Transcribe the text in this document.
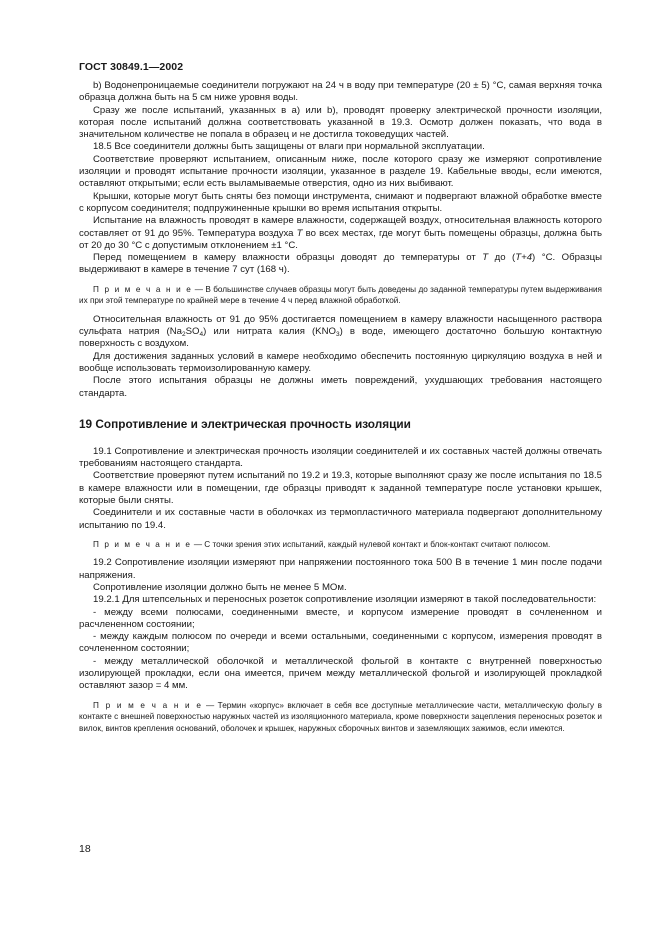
ГОСТ 30849.1—2002

b) Водонепроницаемые соединители погружают на 24 ч в воду при температуре (20 ± 5) °С, самая верхняя точка образца должна быть на 5 см ниже уровня воды.

Сразу же после испытаний, указанных в а) или b), проводят проверку электрической прочности изоляции, которая после испытаний должна соответствовать указанной в 19.3. Осмотр должен показать, что вода в значительном количестве не попала в образец и не достигла токоведущих частей.

18.5 Все соединители должны быть защищены от влаги при нормальной эксплуатации.

Соответствие проверяют испытанием, описанным ниже, после которого сразу же измеряют сопротивление изоляции и проводят испытание прочности изоляции, указанное в разделе 19. Кабельные вводы, если имеются, оставляют открытыми; если есть выламываемые отверстия, одно из них выбивают.

Крышки, которые могут быть сняты без помощи инструмента, снимают и подвергают влажной обработке вместе с корпусом соединителя; подпружиненные крышки во время испытания открыты.

Испытание на влажность проводят в камере влажности, содержащей воздух, относительная влажность которого составляет от 91 до 95%. Температура воздуха T во всех местах, где могут быть помещены образцы, должна быть от 20 до 30 °С с допустимым отклонением ±1 °С.

Перед помещением в камеру влажности образцы доводят до температуры от T до (T+4) °С. Образцы выдерживают в камере в течение 7 сут (168 ч).

П р и м е ч а н и е — В большинстве случаев образцы могут быть доведены до заданной температуры путем выдерживания их при этой температуре по крайней мере в течение 4 ч перед влажной обработкой.

Относительная влажность от 91 до 95% достигается помещением в камеру влажности насыщенного раствора сульфата натрия $(Na_2SO_4)$ или нитрата калия $(KNO_3)$ в воде, имеющего достаточно большую контактную поверхность с воздухом.

Для достижения заданных условий в камере необходимо обеспечить постоянную циркуляцию воздуха в ней и вообще использовать термоизолированную камеру.

После этого испытания образцы не должны иметь повреждений, ухудшающих требования настоящего стандарта.

19 Сопротивление и электрическая прочность изоляции

19.1 Сопротивление и электрическая прочность изоляции соединителей и их составных частей должны отвечать требованиям настоящего стандарта.

Соответствие проверяют путем испытаний по 19.2 и 19.3, которые выполняют сразу же после испытания по 18.5 в камере влажности или в помещении, где образцы приводят к заданной температуре после установки крышек, которые были сняты.

Соединители и их составные части в оболочках из термопластичного материала подвергают дополнительному испытанию по 19.4.

П р и м е ч а н и е — С точки зрения этих испытаний, каждый нулевой контакт и блок-контакт считают полюсом.

19.2 Сопротивление изоляции измеряют при напряжении постоянного тока 500 В в течение 1 мин после подачи напряжения.

Сопротивление изоляции должно быть не менее 5 МОм.

19.2.1 Для штепсельных и переносных розеток сопротивление изоляции измеряют в такой последовательности:

- между всеми полюсами, соединенными вместе, и корпусом измерение проводят в сочлененном и расчлененном состоянии;

- между каждым полюсом по очереди и всеми остальными, соединенными с корпусом, измерения проводят в сочлененном состоянии;

- между металлической оболочкой и металлической фольгой в контакте с внутренней поверхностью изолирующей прокладки, если она имеется, причем между металлической фольгой и изолирующей прокладкой оставляют зазор = 4 мм.

П р и м е ч а н и е — Термин «корпус» включает в себя все доступные металлические части, металлическую фольгу в контакте с внешней поверхностью наружных частей из изоляционного материала, кроме поверхности зацепления переносных розеток и вилок, винтов крепления оснований, оболочек и крышек, наружных сборочных винтов и заземляющих зажимов, если имеются.

18
